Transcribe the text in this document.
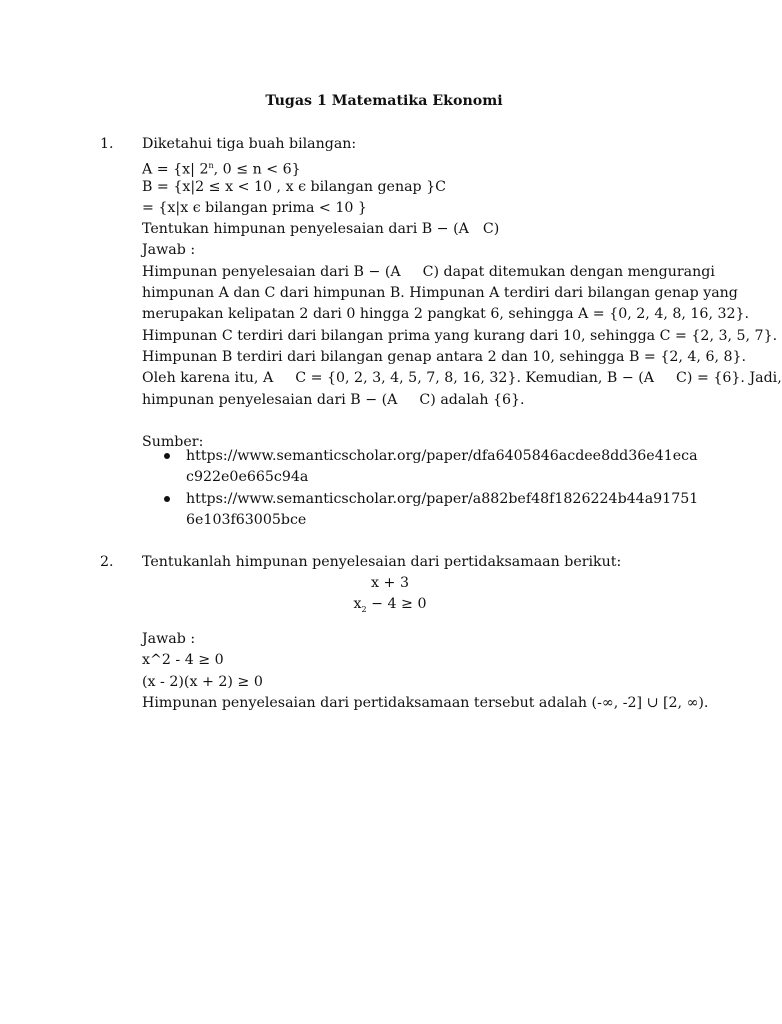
Tugas 1 Matematika Ekonomi
1. Diketahui tiga buah bilangan:
A = {x| 2$^n$, 0 ≤ n < 6}
B = {x|2 ≤ x < 10 , x ϵ bilangan genap }C
= {x|x ϵ bilangan prima < 10 }
Tentukan himpunan penyelesaian dari B − (A C)
Jawab :
Himpunan penyelesaian dari B − (A C) dapat ditemukan dengan mengurangi
himpunan A dan C dari himpunan B. Himpunan A terdiri dari bilangan genap yang
merupakan kelipatan 2 dari 0 hingga 2 pangkat 6, sehingga A = {0, 2, 4, 8, 16, 32}.
Himpunan C terdiri dari bilangan prima yang kurang dari 10, sehingga C = {2, 3, 5, 7}.
Himpunan B terdiri dari bilangan genap antara 2 dan 10, sehingga B = {2, 4, 6, 8}.
Oleh karena itu, A C = {0, 2, 3, 4, 5, 7, 8, 16, 32}. Kemudian, B − (A C) = {6}. Jadi,
himpunan penyelesaian dari B − (A C) adalah {6}.
Sumber:
https://www.semanticscholar.org/paper/dfa6405846acdee8dd36e41ecac922e0e665c94a
https://www.semanticscholar.org/paper/a882bef48f1826224b44a917516e103f63005bce
2. Tentukanlah himpunan penyelesaian dari pertidaksamaan berikut:
x + 3
$x_2 - 4 \ge 0$
Jawab :
x^2 - 4 ≥ 0
(x - 2)(x + 2) ≥ 0
Himpunan penyelesaian dari pertidaksamaan tersebut adalah (-∞, -2] ∪ [2, ∞).
